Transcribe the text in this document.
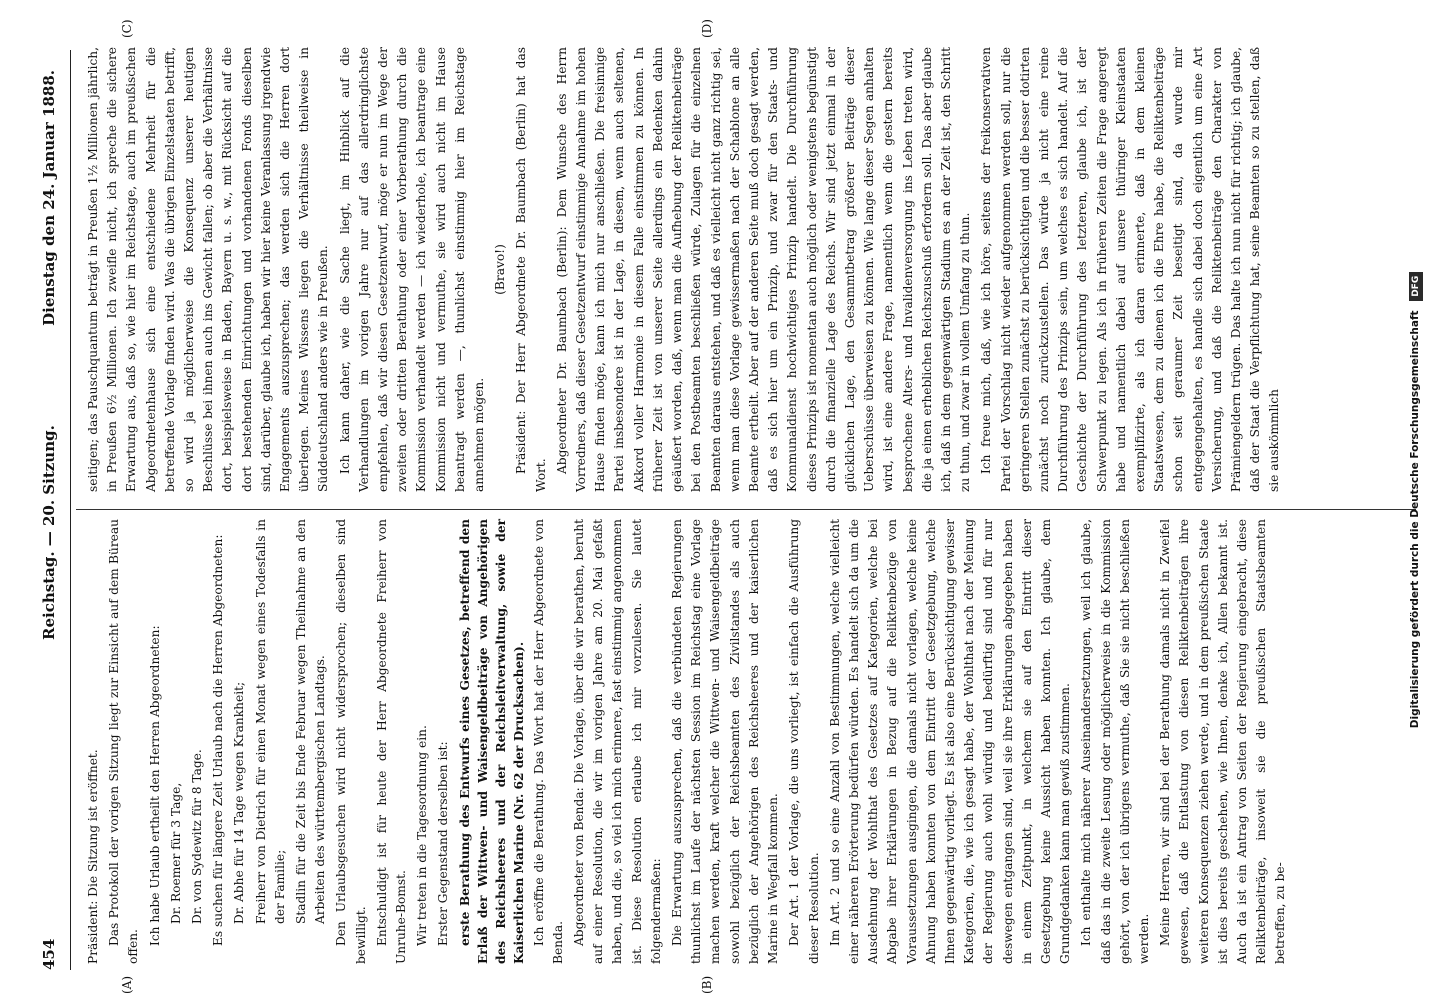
454
Reichstag. — 20. Sitzung.
Dienstag den 24. Januar 1888.
(A)	(B)
(C)	(D)

Präsident: Die Sitzung ist eröffnet. Das Protokoll der vorigen Sitzung liegt zur Einsicht auf dem Büreau offen.

Ich habe Urlaub ertheilt den Herren Abgeordneten: Dr. Roemer für 3 Tage, Dr. von Sydewitz für 8 Tage. Es suchen für längere Zeit Urlaub nach die Herren Abgeordneten: Dr. Abhe für 14 Tage wegen Krankheit; Freiherr von Dietrich für einen Monat wegen eines Todesfalls in der Familie; Stadlin für die Zeit bis Ende Februar wegen Theilnahme an den Arbeiten des württembergischen Landtags. Den Urlaubsgesuchen wird nicht widersprochen; dieselben sind bewilligt. Entschuldigt ist für heute der Herr Abgeordnete Freiherr von Unruhe-Bomst. Wir treten in die Tagesordnung ein. Erster Gegenstand derselben ist: erste Berathung des Entwurfs eines Gesetzes, betreffend den Erlaß der Wittwen- und Waisengeldbeiträge von Angehörigen des Reichsheeres und der Reichsleitverwaltung, sowie der Kaiserlichen Marine (Nr. 62 der Drucksachen). Ich eröffne die Berathung. Das Wort hat der Herr Abgeordnete von Benda. Abgeordneter von Benda: Die Vorlage, über die wir berathen, beruht auf einer Resolution, die wir im vorigen Jahre am 20. Mai gefaßt haben, und die, so viel ich mich erinnere, fast einstimmig angenommen ist. Diese Resolution erlaube ich mir vorzulesen. Sie lautet folgendermaßen: Die Erwartung auszusprechen, daß die verbündeten Regierungen thunlichst im Laufe der nächsten Session im Reichstag eine Vorlage machen werden, kraft welcher die Wittwen- und Waisengeldbeiträge sowohl bezüglich der Reichsbeamten des Zivilstandes als auch bezüglich der Angehörigen des Reichsheeres und der kaiserlichen Marine in Wegfall kommen. Der Art. 1 der Vorlage, die uns vorliegt, ist einfach die Ausführung dieser Resolution. Im Art. 2 und so eine Anzahl von Bestimmungen, welche vielleicht einer näheren Erörterung bedürfen würden. Es handelt sich da um die Ausdehnung der Wohlthat des Gesetzes auf Kategorien, welche bei Abgabe ihrer Erklärungen in Bezug auf die Reliktenbezüge von Voraussetzungen ausgingen, die damals nicht vorlagen, welche keine Ahnung haben konnten von dem Eintritt der Gesetzgebung, welche Ihnen gegenwärtig vorliegt. Es ist also eine Berücksichtigung gewisser Kategorien, die, wie ich gesagt habe, der Wohlthat nach der Meinung der Regierung auch wohl würdig und bedürftig sind und für nur deswegen entgangen sind, weil sie ihre Erklärungen abgegeben haben in einem Zeitpunkt, in welchem sie auf den Eintritt dieser Gesetzgebung keine Aussicht haben konnten. Ich glaube, dem Grundgedanken kann man gewiß zustimmen. Ich enthalte mich näherer Auseinandersetzungen, weil ich glaube, daß das in die zweite Lesung oder möglicherweise in die Kommission gehört, von der ich übrigens vermuthe, daß Sie sie nicht beschließen werden. Meine Herren, wir sind bei der Berathung damals nicht in Zweifel gewesen, daß die Entlastung von diesen Reliktenbeiträgen ihre weiteren Konsequenzen ziehen werde, und in dem preußischen Staate ist dies bereits geschehen, wie Ihnen, denke ich, Allen bekannt ist. Auch da ist ein Antrag von Seiten der Regierung eingebracht, diese Reliktenbeiträge, insoweit sie die preußischen Staatsbeamten betreffen, zu be-

seitigen; das Pauschquantum beträgt in Preußen 1½ Millionen jährlich, in Preußen 6½ Millionen. Ich zweifle nicht, ich spreche die sichere Erwartung aus, daß so, wie hier im Reichstage, auch im preußischen Abgeordnetenhause sich eine entschiedene Mehrheit für die betreffende Vorlage finden wird. Was die übrigen Einzelstaaten betrifft, so wird ja möglicherweise die Konsequenz unserer heutigen Beschlüsse bei ihnen auch ins Gewicht fallen; ob aber die Verhältnisse dort, beispielsweise in Baden, Bayern u. s. w., mit Rücksicht auf die dort bestehenden Einrichtungen und vorhandenen Fonds dieselben sind, darüber, glaube ich, haben wir hier keine Veranlassung irgendwie Engagements auszusprechen; das werden sich die Herren dort überlegen. Meines Wissens liegen die Verhältnisse theilweise in Süddeutschland anders wie in Preußen. Ich kann daher, wie die Sache liegt, im Hinblick auf die Verhandlungen im vorigen Jahre nur auf das allerdringlichste empfehlen, daß wir diesen Gesetzentwurf, möge er nun im Wege der zweiten oder dritten Berathung oder einer Vorberathung durch die Kommission verhandelt werden — ich wiederhole, ich beantrage eine Kommission nicht und vermuthe, sie wird auch nicht im Hause beantragt werden —, thunlichst einstimmig hier im Reichstage annehmen mögen.

(Bravo!) Präsident: Der Herr Abgeordnete Dr. Baumbach (Berlin) hat das Wort.

Abgeordneter Dr. Baumbach (Berlin): Dem Wunsche des Herrn Vorredners, daß dieser Gesetzentwurf einstimmige Annahme im hohen Hause finden möge, kann ich mich nur anschließen. Die freisinnige Partei insbesondere ist in der Lage, in diesem, wenn auch seltenen, Akkord voller Harmonie in diesem Falle einstimmen zu können. In früherer Zeit ist von unserer Seite allerdings ein Bedenken dahin geäußert worden, daß, wenn man die Aufhebung der Reliktenbeiträge bei den Postbeamten beschließen würde, Zulagen für die einzelnen Beamten daraus entstehen, und daß es vielleicht nicht ganz richtig sei, wenn man diese Vorlage gewissermaßen nach der Schablone an alle Beamte ertheilt. Aber auf der anderen Seite muß doch gesagt werden, daß es sich hier um ein Prinzip, und zwar für den Staats- und Kommunaldienst hochwichtiges Prinzip handelt. Die Durchführung dieses Prinzips ist momentan auch möglich oder wenigstens begünstigt durch die finanzielle Lage des Reichs. Wir sind jetzt einmal in der glücklichen Lage, den Gesammtbetrag größerer Beiträge dieser Ueberschüsse überweisen zu können. Wie lange dieser Segen anhalten wird, ist eine andere Frage, namentlich wenn die gestern bereits besprochene Alters- und Invalidenversorgung ins Leben treten wird, die ja einen erheblichen Reichszuschuß erfordern soll. Das aber glaube ich, daß in dem gegenwärtigen Stadium es an der Zeit ist, den Schritt zu thun, und zwar in vollem Umfang zu thun. Ich freue mich, daß, wie ich höre, seitens der freikonservativen Partei der Vorschlag nicht wieder aufgenommen werden soll, nur die geringeren Stellen zunächst zu berücksichtigen und die besser dotirten zunächst noch zurückzustellen. Das würde ja nicht eine reine Durchführung des Prinzips sein, um welches es sich handelt. Auf die Geschichte der Durchführung des letzteren, glaube ich, ist der Schwerpunkt zu legen. Als ich in früheren Zeiten die Frage angeregt habe und namentlich dabei auf unsere thüringer Kleinstaaten exemplifizirte, als ich daran erinnerte, daß in dem kleinen Staatswesen, dem zu dienen ich die Ehre habe, die Reliktenbeiträge schon seit geraumer Zeit beseitigt sind, da wurde mir entgegengehalten, es handle sich dabei doch eigentlich um eine Art Versicherung, und daß die Reliktenbeiträge den Charakter von Prämiengeldern trügen. Das halte ich nun nicht für richtig; ich glaube, daß der Staat die Verpflichtung hat, seine Beamten so zu stellen, daß sie auskömmlich	Digitalisierung gefördert durch die Deutsche Forschungsgemeinschaft DFG
